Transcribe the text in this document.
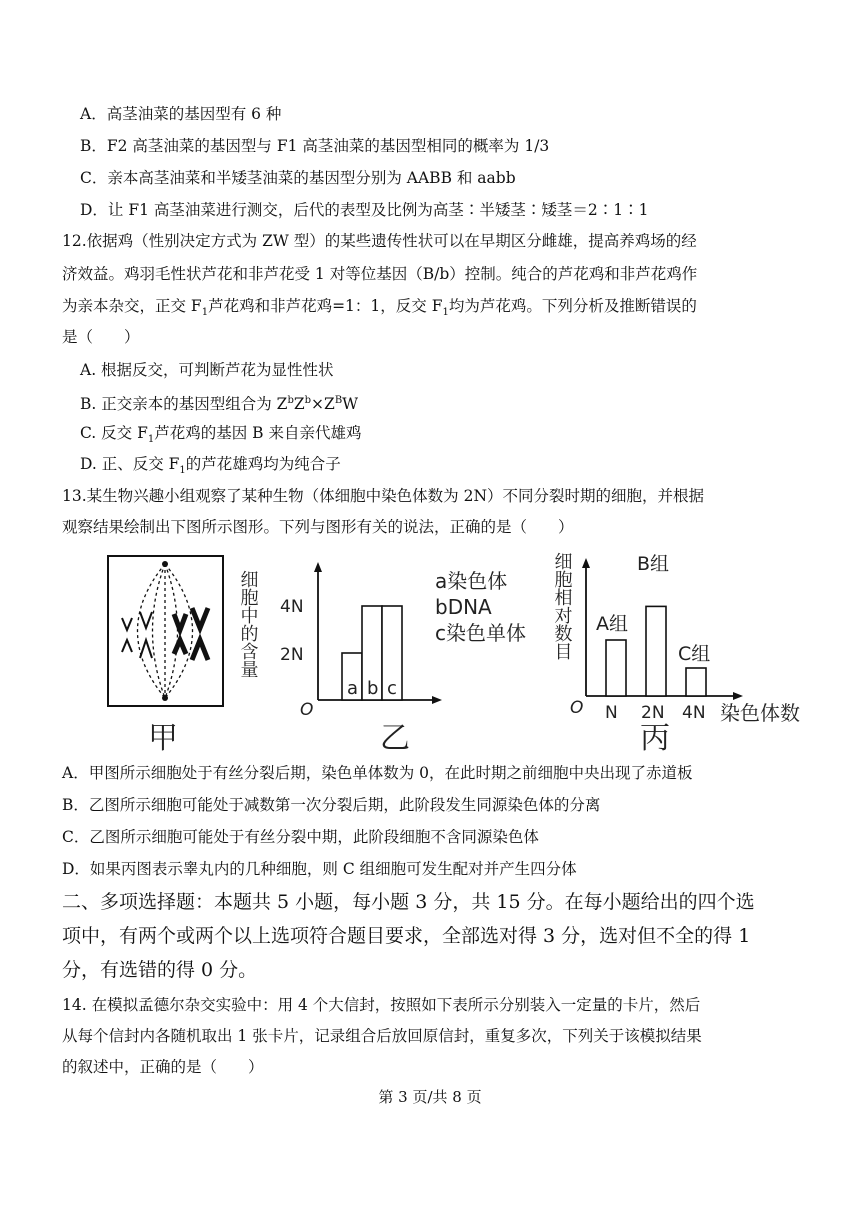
A．高茎油菜的基因型有 6 种
B．F2 高茎油菜的基因型与 F1 高茎油菜的基因型相同的概率为 1/3
C．亲本高茎油菜和半矮茎油菜的基因型分别为 AABB 和 aabb
D．让 F1 高茎油菜进行测交，后代的表型及比例为高茎∶半矮茎∶矮茎＝2∶1∶1
12.依据鸡（性别决定方式为 ZW 型）的某些遗传性状可以在早期区分雌雄，提高养鸡场的经
济效益。鸡羽毛性状芦花和非芦花受 1 对等位基因（B/b）控制。纯合的芦花鸡和非芦花鸡作
为亲本杂交，正交 $F_1$芦花鸡和非芦花鸡=1：1，反交 $F_1$均为芦花鸡。下列分析及推断错误的
是（　　）
A. 根据反交，可判断芦花为显性性状
B. 正交亲本的基因型组合为 $Z^bZ^b\times Z^BW$
C. 反交 $F_1$芦花鸡的基因 B 来自亲代雄鸡
D. 正、反交 $F_1$的芦花雄鸡均为纯合子
13.某生物兴趣小组观察了某种生物（体细胞中染色体数为 2N）不同分裂时期的细胞，并根据
观察结果绘制出下图所示图形。下列与图形有关的说法，正确的是（　　）
甲
细胞中的含量 4N
2N
O
a b c
a染色体
bDNA
c染色单体
乙
细胞相对数目
O N 2N 4N 染色体数
A组
B组
C组
丙
A．甲图所示细胞处于有丝分裂后期，染色单体数为 0，在此时期之前细胞中央出现了赤道板
B．乙图所示细胞可能处于减数第一次分裂后期，此阶段发生同源染色体的分离
C．乙图所示细胞可能处于有丝分裂中期，此阶段细胞不含同源染色体
D．如果丙图表示睾丸内的几种细胞，则 C 组细胞可发生配对并产生四分体
二、多项选择题：本题共 5 小题，每小题 3 分，共 15 分。在每小题给出的四个选
项中，有两个或两个以上选项符合题目要求，全部选对得 3 分，选对但不全的得 1
分，有选错的得 0 分。
14. 在模拟孟德尔杂交实验中：用 4 个大信封，按照如下表所示分别装入一定量的卡片，然后
从每个信封内各随机取出 1 张卡片，记录组合后放回原信封，重复多次，下列关于该模拟结果
的叙述中，正确的是（　　）
第 3 页/共 8 页
